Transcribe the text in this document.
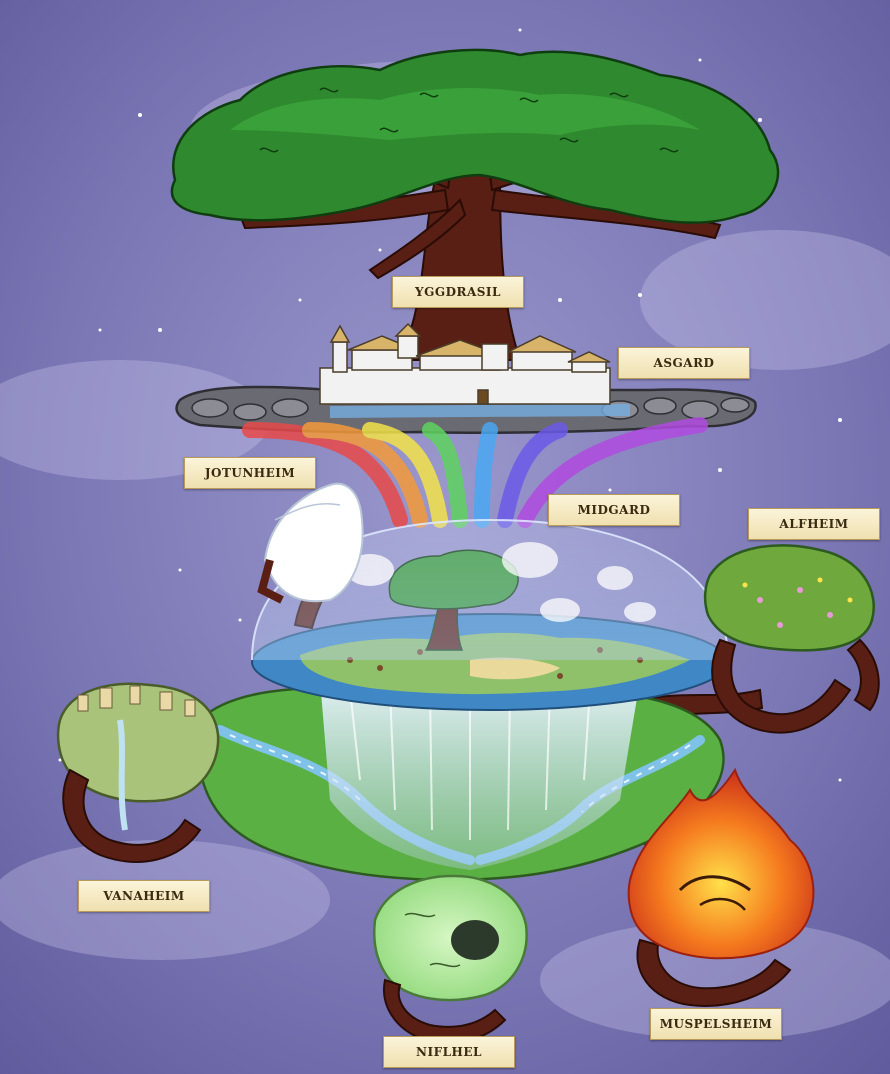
YGGDRASIL
ASGARD
JOTUNHEIM
MIDGARD
ALFHEIM
VANAHEIM
MUSPELSHEIM
NIFLHEL
